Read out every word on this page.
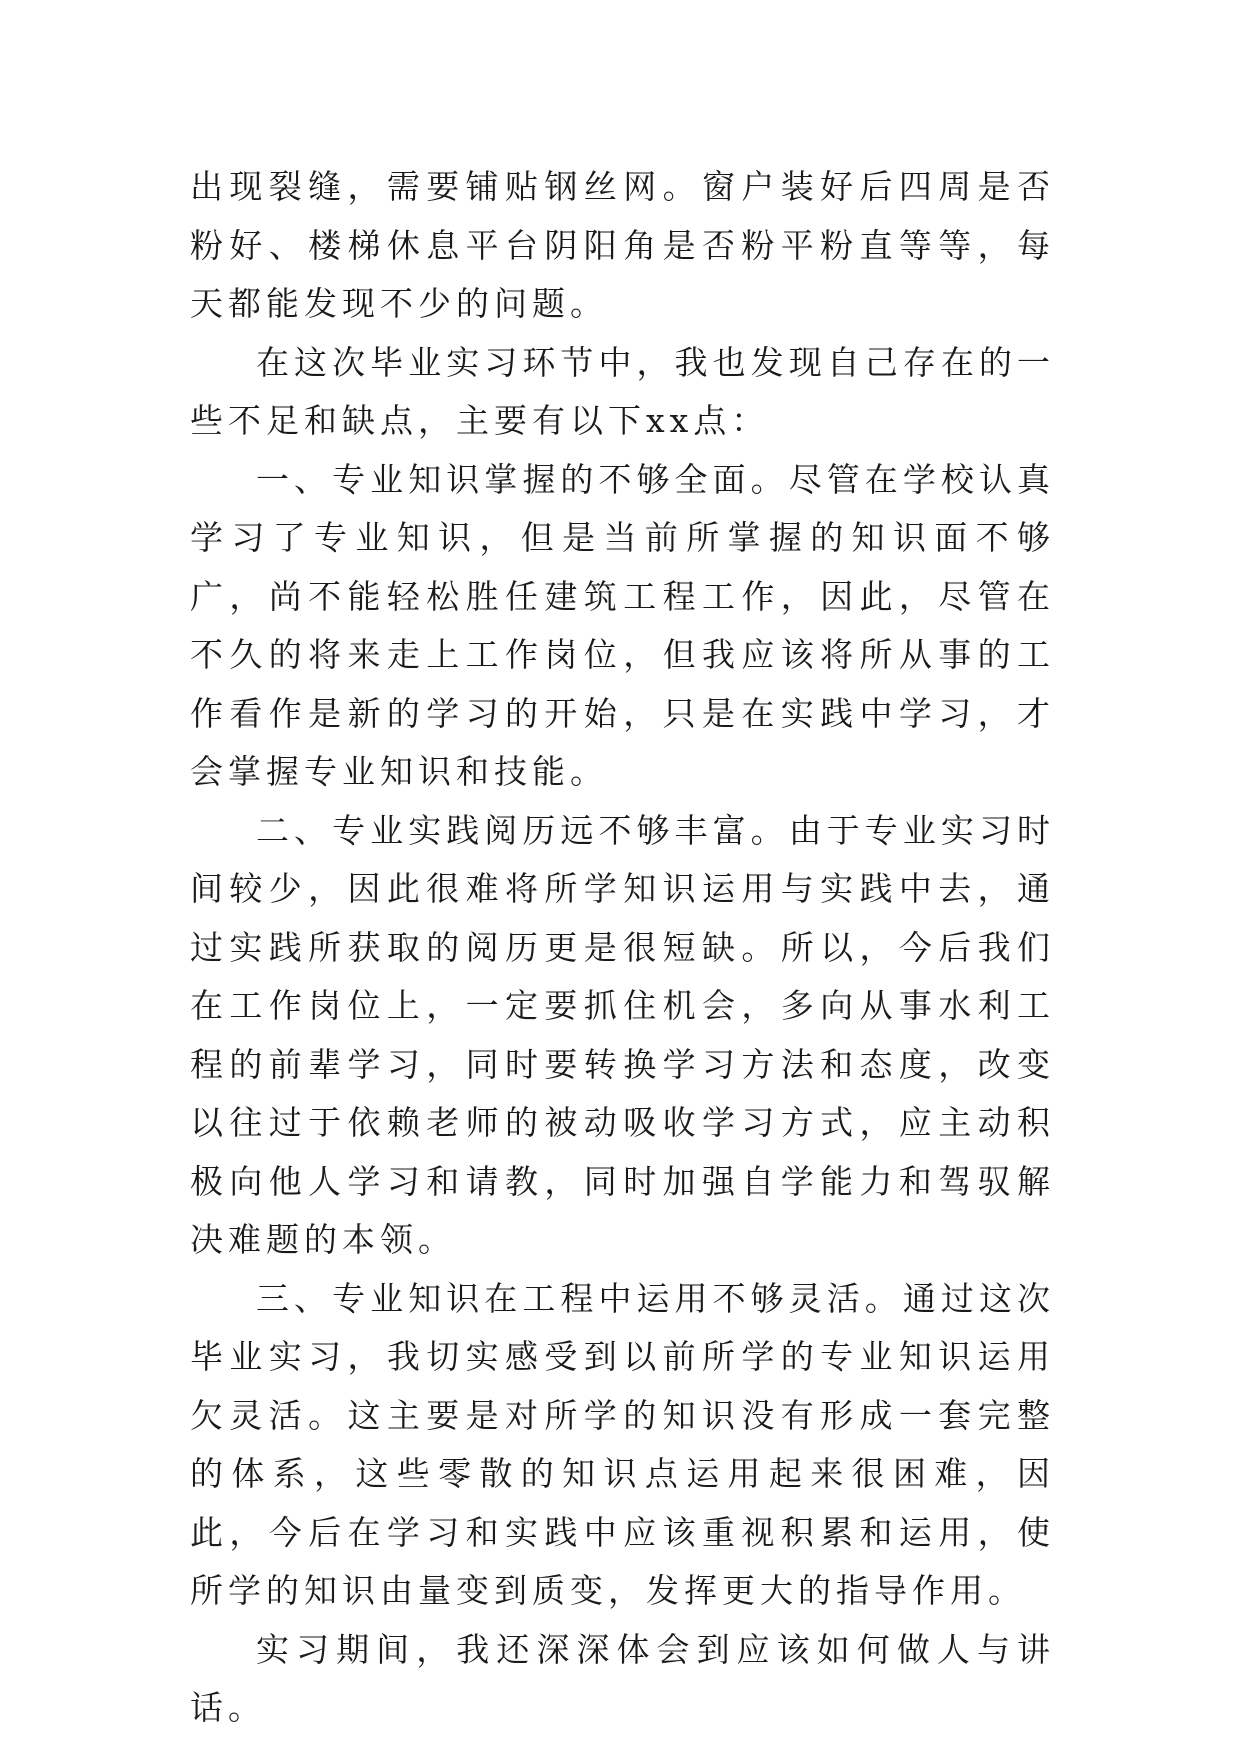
出现裂缝，需要铺贴钢丝网。窗户装好后四周是否粉好、楼梯休息平台阴阳角是否粉平粉直等等，每天都能发现不少的问题。

在这次毕业实习环节中，我也发现自己存在的一些不足和缺点，主要有以下xx点：

一、专业知识掌握的不够全面。尽管在学校认真学习了专业知识，但是当前所掌握的知识面不够广，尚不能轻松胜任建筑工程工作，因此，尽管在不久的将来走上工作岗位，但我应该将所从事的工作看作是新的学习的开始，只是在实践中学习，才会掌握专业知识和技能。

二、专业实践阅历远不够丰富。由于专业实习时间较少，因此很难将所学知识运用与实践中去，通过实践所获取的阅历更是很短缺。所以，今后我们在工作岗位上，一定要抓住机会，多向从事水利工程的前辈学习，同时要转换学习方法和态度，改变以往过于依赖老师的被动吸收学习方式，应主动积极向他人学习和请教，同时加强自学能力和驾驭解决难题的本领。

三、专业知识在工程中运用不够灵活。通过这次毕业实习，我切实感受到以前所学的专业知识运用欠灵活。这主要是对所学的知识没有形成一套完整的体系，这些零散的知识点运用起来很困难，因此，今后在学习和实践中应该重视积累和运用，使所学的知识由量变到质变，发挥更大的指导作用。

实习期间，我还深深体会到应该如何做人与讲话。
